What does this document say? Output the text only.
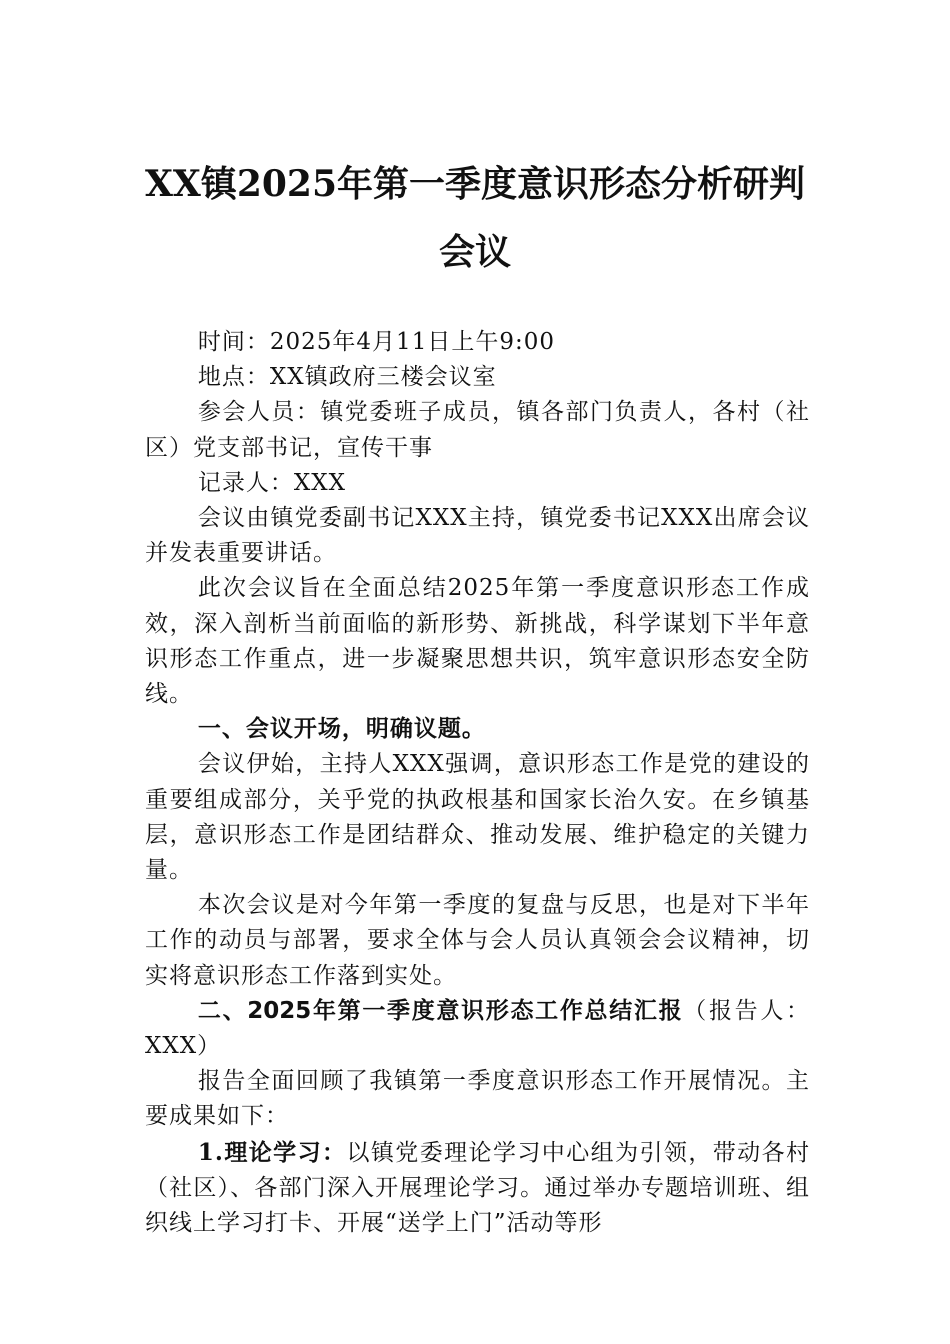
XX镇2025年第一季度意识形态分析研判
会议

时间：2025年4月11日上午9:00

地点：XX镇政府三楼会议室

参会人员：镇党委班子成员，镇各部门负责人，各村（社区）党支部书记，宣传干事

记录人：XXX

会议由镇党委副书记XXX主持，镇党委书记XXX出席会议并发表重要讲话。

此次会议旨在全面总结2025年第一季度意识形态工作成效，深入剖析当前面临的新形势、新挑战，科学谋划下半年意识形态工作重点，进一步凝聚思想共识，筑牢意识形态安全防线。

一、会议开场，明确议题。

会议伊始，主持人XXX强调，意识形态工作是党的建设的重要组成部分，关乎党的执政根基和国家长治久安。在乡镇基层，意识形态工作是团结群众、推动发展、维护稳定的关键力量。

本次会议是对今年第一季度的复盘与反思，也是对下半年工作的动员与部署，要求全体与会人员认真领会会议精神，切实将意识形态工作落到实处。

二、2025年第一季度意识形态工作总结汇报（报告人：XXX）

报告全面回顾了我镇第一季度意识形态工作开展情况。主要成果如下：

1.理论学习：以镇党委理论学习中心组为引领，带动各村（社区）、各部门深入开展理论学习。通过举办专题培训班、组织线上学习打卡、开展“送学上门”活动等形
